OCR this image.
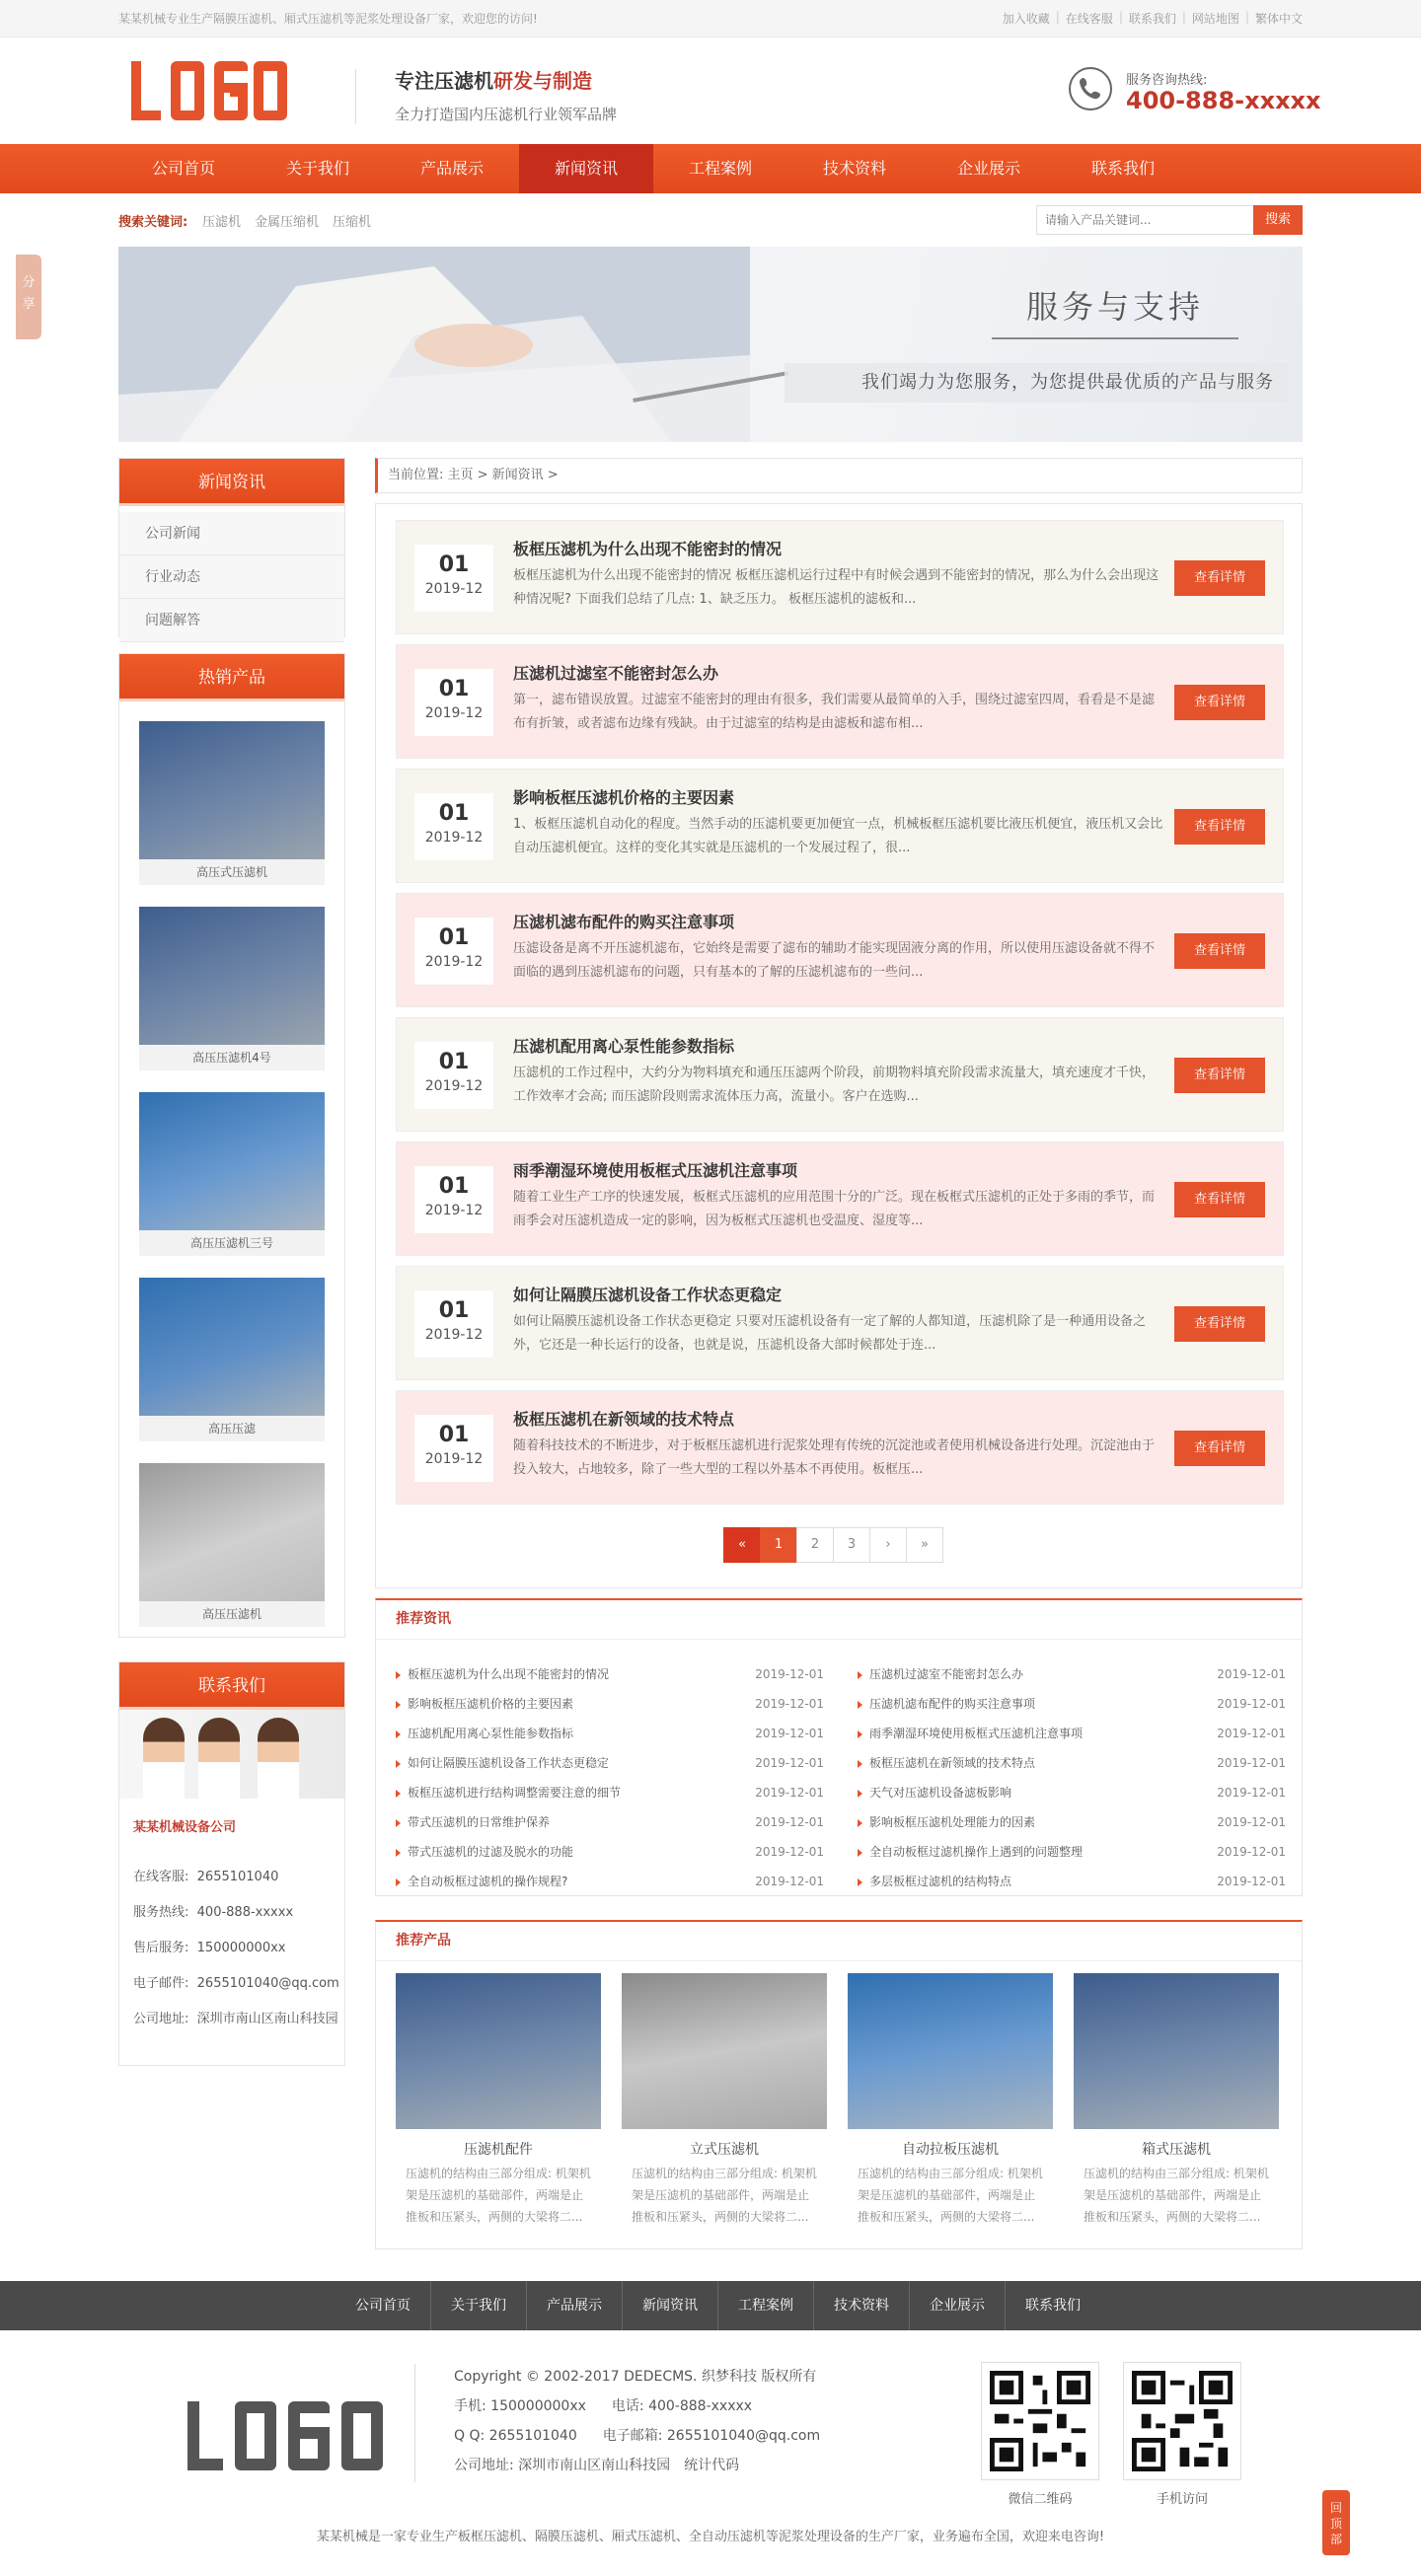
某某机械专业生产隔膜压滤机、厢式压滤机等泥浆处理设备厂家，欢迎您的访问!	加入收藏 | 在线客服 | 联系我们 | 网站地图 | 繁体中文
专注压滤机研发与制造
全力打造国内压滤机行业领军品牌
服务咨询热线:
400-888-xxxxx
公司首页	关于我们	产品展示	新闻资讯	工程案例	技术资料	企业展示	联系我们
搜索关键词: 压滤机 金属压缩机 压缩机
请输入产品关键词...	搜索
分享	服务与支持
我们竭力为您服务，为您提供最优质的产品与服务
新闻资讯
公司新闻
行业动态
问题解答
热销产品
高压式压滤机
高压压滤机4号
高压压滤机三号
高压压滤
高压压滤机
联系我们
某某机械设备公司
在线客服: 2655101040
服务热线: 400-888-xxxxx
售后服务: 150000000xx
电子邮件: 2655101040@qq.com
公司地址: 深圳市南山区南山科技园
当前位置: 主页 > 新闻资讯 >
01
2019-12
板框压滤机为什么出现不能密封的情况
板框压滤机为什么出现不能密封的情况 板框压滤机运行过程中有时候会遇到不能密封的情况，那么为什么会出现这种情况呢? 下面我们总结了几点: 1、缺乏压力。 板框压滤机的滤板和...
查看详情
01
2019-12
压滤机过滤室不能密封怎么办
第一，滤布错误放置。过滤室不能密封的理由有很多，我们需要从最简单的入手，围绕过滤室四周，看看是不是滤布有折皱，或者滤布边缘有残缺。由于过滤室的结构是由滤板和滤布相...
查看详情
01
2019-12
影响板框压滤机价格的主要因素
1、板框压滤机自动化的程度。当然手动的压滤机要更加便宜一点，机械板框压滤机要比液压机便宜，液压机又会比自动压滤机便宜。这样的变化其实就是压滤机的一个发展过程了，很...
查看详情
01
2019-12
压滤机滤布配件的购买注意事项
压滤设备是离不开压滤机滤布，它始终是需要了滤布的辅助才能实现固液分离的作用，所以使用压滤设备就不得不面临的遇到压滤机滤布的问题，只有基本的了解的压滤机滤布的一些问...
查看详情
01
2019-12
压滤机配用离心泵性能参数指标
压滤机的工作过程中，大约分为物料填充和通压压滤两个阶段，前期物料填充阶段需求流量大，填充速度才千快，工作效率才会高; 而压滤阶段则需求流体压力高，流量小。客户在选购...
查看详情
01
2019-12
雨季潮湿环境使用板框式压滤机注意事项
随着工业生产工序的快速发展，板框式压滤机的应用范围十分的广泛。现在板框式压滤机的正处于多雨的季节，而雨季会对压滤机造成一定的影响，因为板框式压滤机也受温度、湿度等...
查看详情
01
2019-12
如何让隔膜压滤机设备工作状态更稳定
如何让隔膜压滤机设备工作状态更稳定 只要对压滤机设备有一定了解的人都知道，压滤机除了是一种通用设备之外，它还是一种长运行的设备，也就是说，压滤机设备大部时候都处于连...
查看详情
01
2019-12
板框压滤机在新领域的技术特点
随着科技技术的不断进步，对于板框压滤机进行泥浆处理有传统的沉淀池或者使用机械设备进行处理。沉淀池由于投入较大，占地较多，除了一些大型的工程以外基本不再使用。板框压...
查看详情
«	1	2	3	›	»
推荐资讯
板框压滤机为什么出现不能密封的情况	2019-12-01
影响板框压滤机价格的主要因素	2019-12-01
压滤机配用离心泵性能参数指标	2019-12-01
如何让隔膜压滤机设备工作状态更稳定	2019-12-01
板框压滤机进行结构调整需要注意的细节	2019-12-01
带式压滤机的日常维护保养	2019-12-01
带式压滤机的过滤及脱水的功能	2019-12-01
全自动板框过滤机的操作规程?	2019-12-01
压滤机过滤室不能密封怎么办	2019-12-01
压滤机滤布配件的购买注意事项	2019-12-01
雨季潮湿环境使用板框式压滤机注意事项	2019-12-01
板框压滤机在新领域的技术特点	2019-12-01
天气对压滤机设备滤板影响	2019-12-01
影响板框压滤机处理能力的因素	2019-12-01
全自动板框过滤机操作上遇到的问题整理	2019-12-01
多层板框过滤机的结构特点	2019-12-01
推荐产品
压滤机配件
压滤机的结构由三部分组成: 机架机架是压滤机的基础部件，两端是止推板和压紧头，两侧的大梁将二...
立式压滤机
压滤机的结构由三部分组成: 机架机架是压滤机的基础部件，两端是止推板和压紧头，两侧的大梁将二...
自动拉板压滤机
压滤机的结构由三部分组成: 机架机架是压滤机的基础部件，两端是止推板和压紧头，两侧的大梁将二...
箱式压滤机
压滤机的结构由三部分组成: 机架机架是压滤机的基础部件，两端是止推板和压紧头，两侧的大梁将二...
公司首页	关于我们	产品展示	新闻资讯	工程案例	技术资料	企业展示	联系我们
Copyright © 2002-2017 DEDECMS. 织梦科技 版权所有
手机: 150000000xx 电话: 400-888-xxxxx
Q Q: 2655101040 电子邮箱: 2655101040@qq.com
公司地址: 深圳市南山区南山科技园 统计代码
微信二维码	手机访问
某某机械是一家专业生产板框压滤机、隔膜压滤机、厢式压滤机、全自动压滤机等泥浆处理设备的生产厂家，业务遍布全国，欢迎来电咨询!
回顶部
